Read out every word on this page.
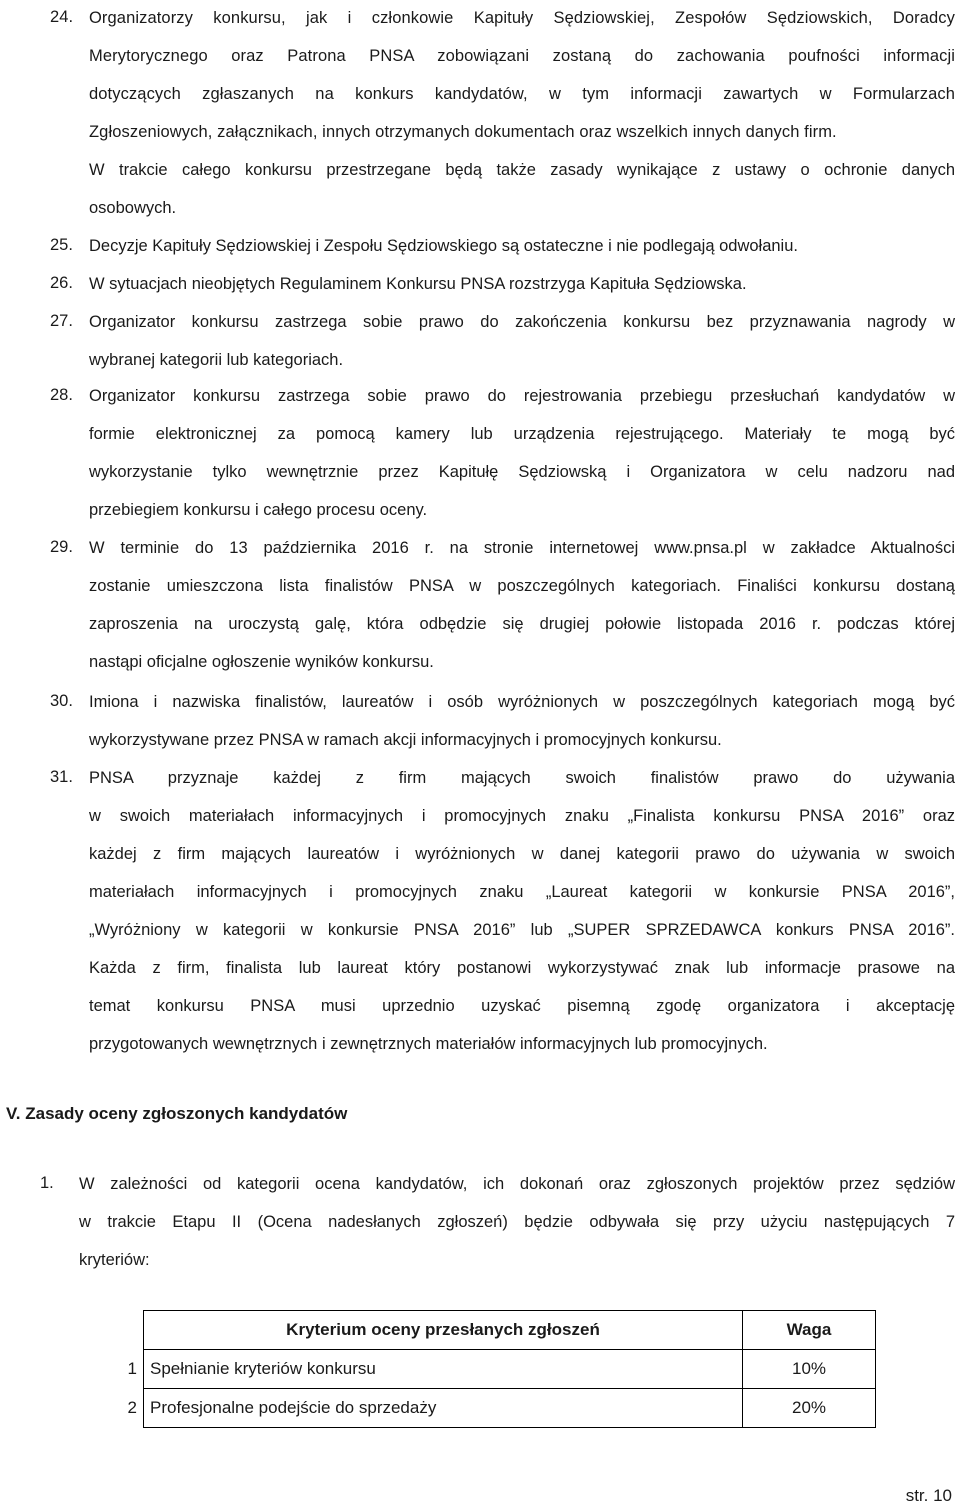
24. Organizatorzy konkursu, jak i członkowie Kapituły Sędziowskiej, Zespołów Sędziowskich, Doradcy
Merytorycznego oraz Patrona PNSA zobowiązani zostaną do zachowania poufności informacji
dotyczących zgłaszanych na konkurs kandydatów, w tym informacji zawartych w Formularzach
Zgłoszeniowych, załącznikach, innych otrzymanych dokumentach oraz wszelkich innych danych firm.
W trakcie całego konkursu przestrzegane będą także zasady wynikające z ustawy o ochronie danych
osobowych.
25. Decyzje Kapituły Sędziowskiej i Zespołu Sędziowskiego są ostateczne i nie podlegają odwołaniu.
26. W sytuacjach nieobjętych Regulaminem Konkursu PNSA rozstrzyga Kapituła Sędziowska.
27. Organizator konkursu zastrzega sobie prawo do zakończenia konkursu bez przyznawania nagrody w
wybranej kategorii lub kategoriach.
28. Organizator konkursu zastrzega sobie prawo do rejestrowania przebiegu przesłuchań kandydatów w
formie elektronicznej za pomocą kamery lub urządzenia rejestrującego. Materiały te mogą być
wykorzystanie tylko wewnętrznie przez Kapitułę Sędziowską i Organizatora w celu nadzoru nad
przebiegiem konkursu i całego procesu oceny.
29. W terminie do 13 października 2016 r. na stronie internetowej www.pnsa.pl w zakładce Aktualności
zostanie umieszczona lista finalistów PNSA w poszczególnych kategoriach. Finaliści konkursu dostaną
zaproszenia na uroczystą galę, która odbędzie się drugiej połowie listopada 2016 r. podczas której
nastąpi oficjalne ogłoszenie wyników konkursu.
30. Imiona i nazwiska finalistów, laureatów i osób wyróżnionych w poszczególnych kategoriach mogą być
wykorzystywane przez PNSA w ramach akcji informacyjnych i promocyjnych konkursu.
31. PNSA przyznaje każdej z firm mających swoich finalistów prawo do używania
w swoich materiałach informacyjnych i promocyjnych znaku „Finalista konkursu PNSA 2016” oraz
każdej z firm mających laureatów i wyróżnionych w danej kategorii prawo do używania w swoich
materiałach informacyjnych i promocyjnych znaku „Laureat kategorii w konkursie PNSA 2016”,
„Wyróżniony w kategorii w konkursie PNSA 2016” lub „SUPER SPRZEDAWCA konkurs PNSA 2016”.
Każda z firm, finalista lub laureat który postanowi wykorzystywać znak lub informacje prasowe na
temat konkursu PNSA musi uprzednio uzyskać pisemną zgodę organizatora i akceptację
przygotowanych wewnętrznych i zewnętrznych materiałów informacyjnych lub promocyjnych.
V. Zasady oceny zgłoszonych kandydatów
1.	W zależności od kategorii ocena kandydatów, ich dokonań oraz zgłoszonych projektów przez sędziów
w trakcie Etapu II (Ocena nadesłanych zgłoszeń) będzie odbywała się przy użyciu następujących 7
kryteriów:
	Kryterium oceny przesłanych zgłoszeń	Waga
1	Spełnianie kryteriów konkursu	10%
2	Profesjonalne podejście do sprzedaży	20%
str. 10
